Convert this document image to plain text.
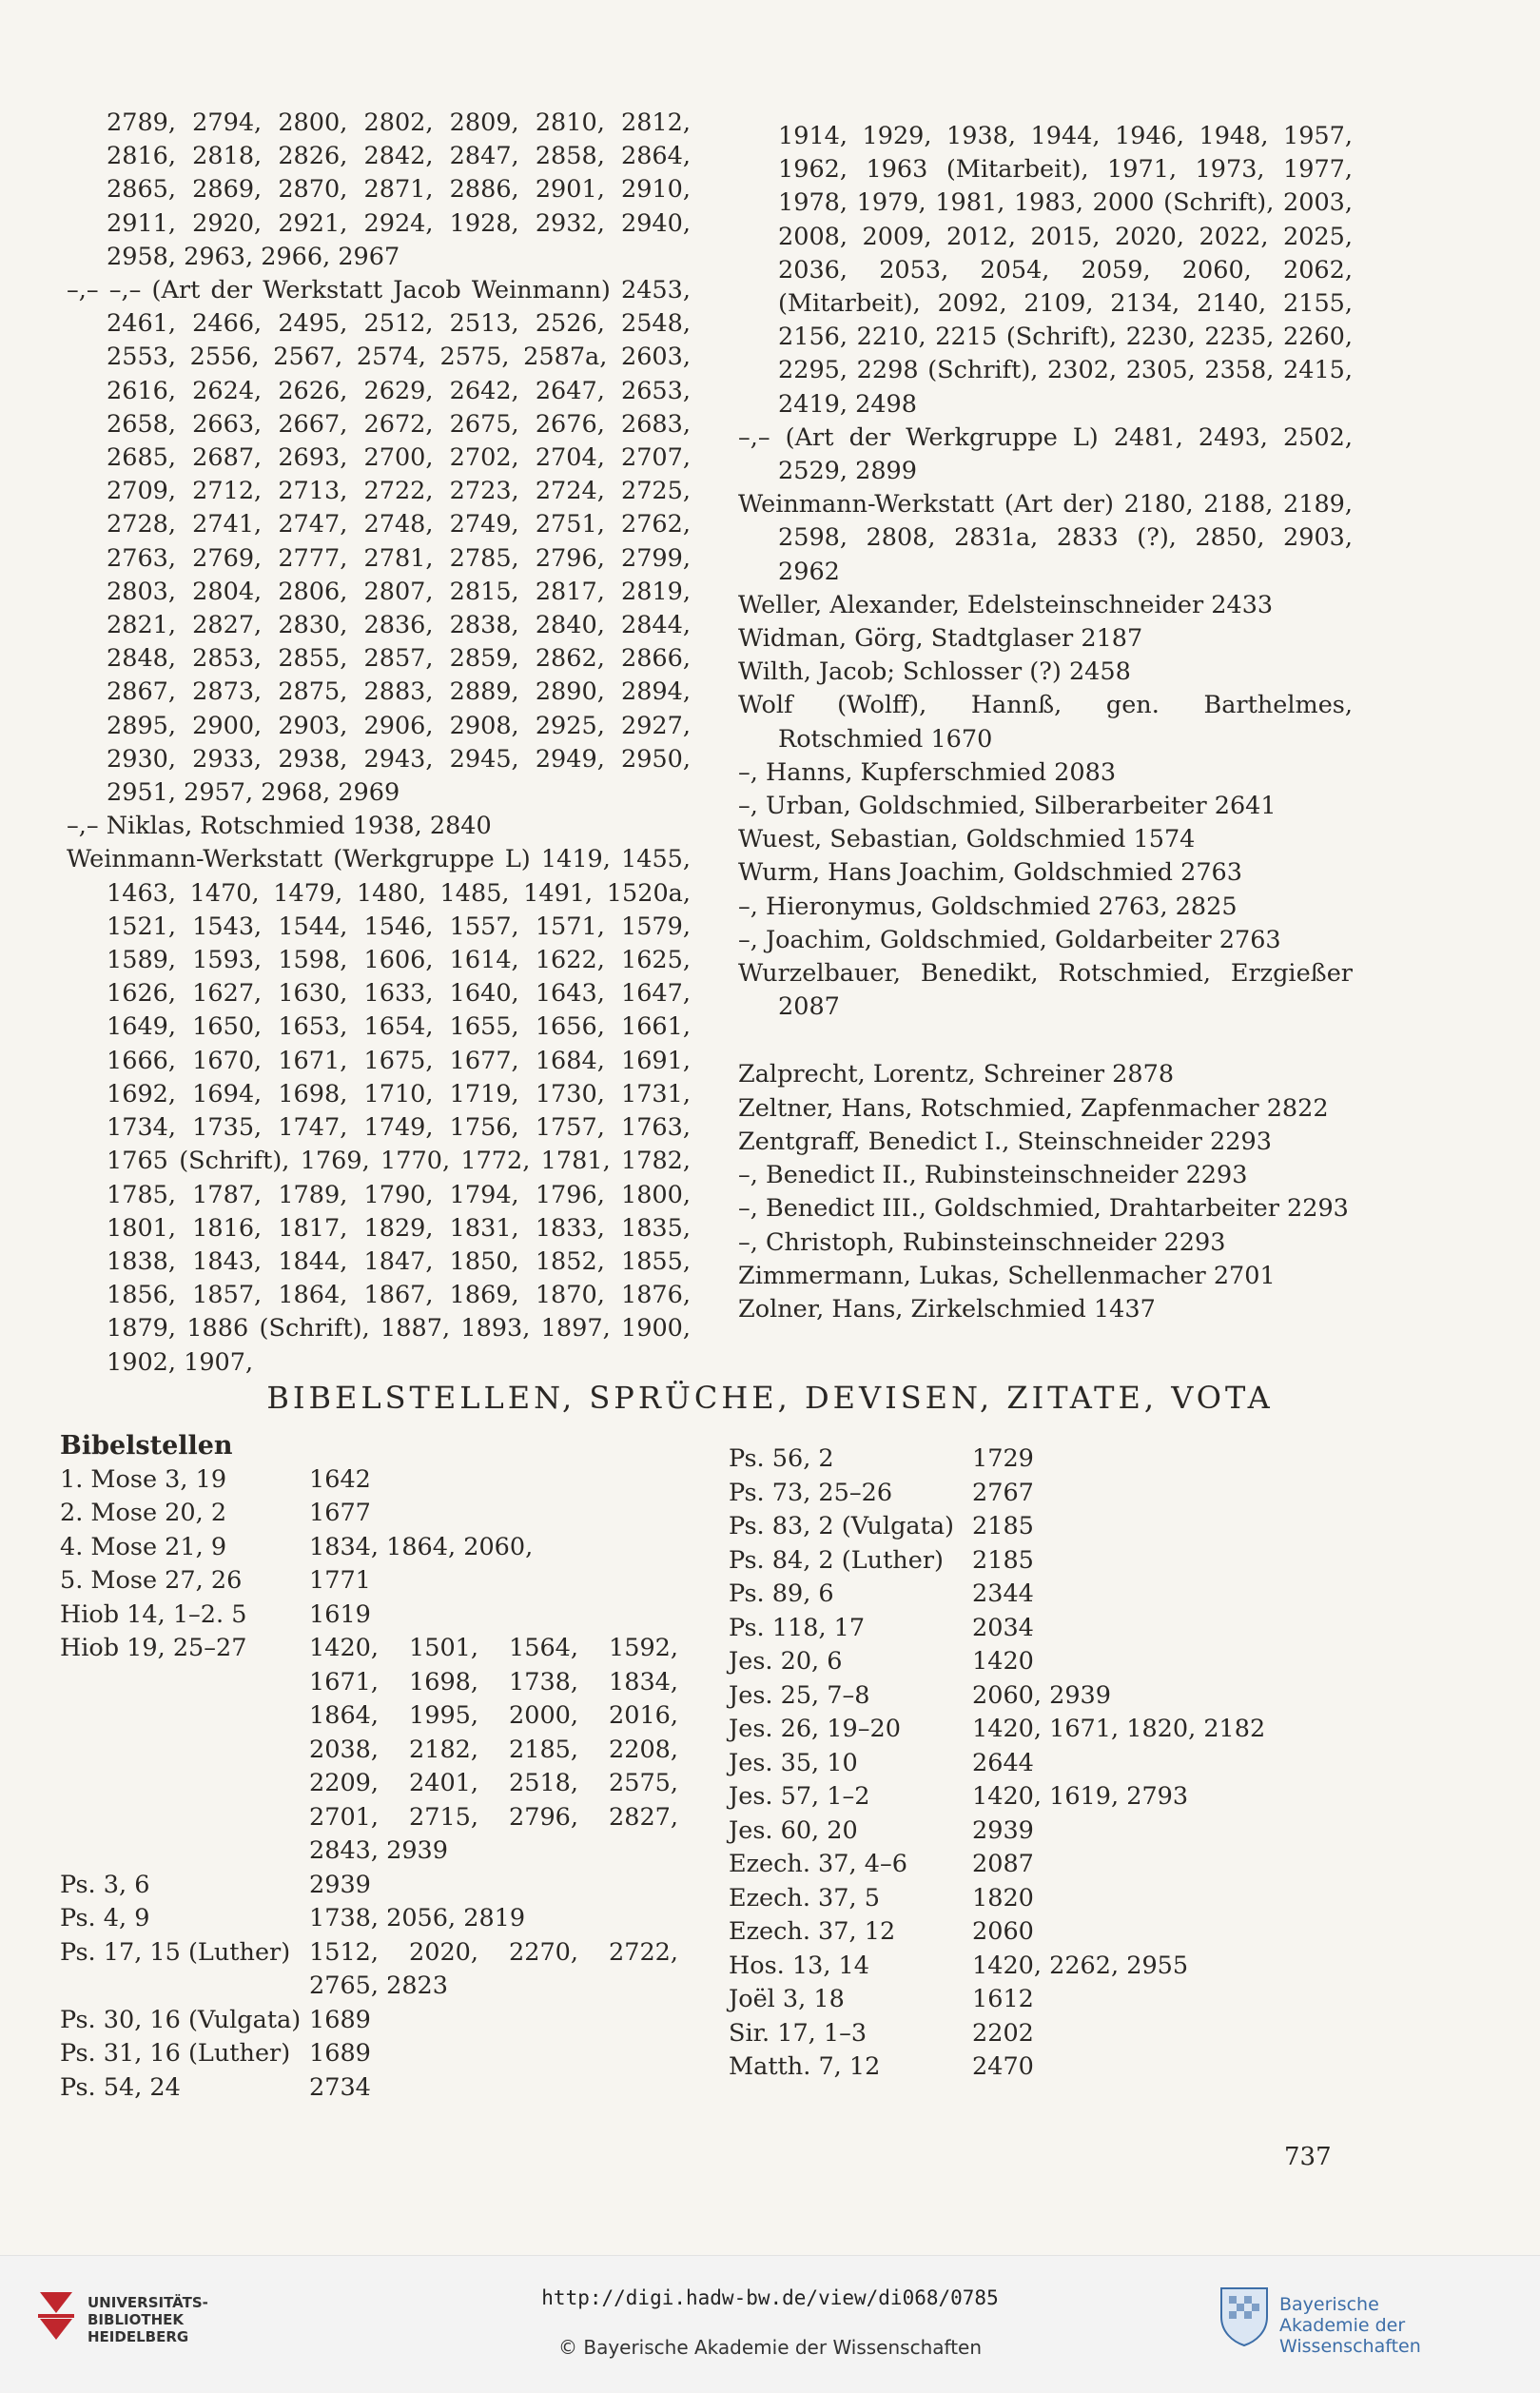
2789, 2794, 2800, 2802, 2809, 2810, 2812, 2816, 2818, 2826, 2842, 2847, 2858, 2864, 2865, 2869, 2870, 2871, 2886, 2901, 2910, 2911, 2920, 2921, 2924, 1928, 2932, 2940, 2958, 2963, 2966, 2967
–,– –,– (Art der Werkstatt Jacob Weinmann) 2453, 2461, 2466, 2495, 2512, 2513, 2526, 2548, 2553, 2556, 2567, 2574, 2575, 2587a, 2603, 2616, 2624, 2626, 2629, 2642, 2647, 2653, 2658, 2663, 2667, 2672, 2675, 2676, 2683, 2685, 2687, 2693, 2700, 2702, 2704, 2707, 2709, 2712, 2713, 2722, 2723, 2724, 2725, 2728, 2741, 2747, 2748, 2749, 2751, 2762, 2763, 2769, 2777, 2781, 2785, 2796, 2799, 2803, 2804, 2806, 2807, 2815, 2817, 2819, 2821, 2827, 2830, 2836, 2838, 2840, 2844, 2848, 2853, 2855, 2857, 2859, 2862, 2866, 2867, 2873, 2875, 2883, 2889, 2890, 2894, 2895, 2900, 2903, 2906, 2908, 2925, 2927, 2930, 2933, 2938, 2943, 2945, 2949, 2950, 2951, 2957, 2968, 2969
–,– Niklas, Rotschmied 1938, 2840
Weinmann-Werkstatt (Werkgruppe L) 1419, 1455, 1463, 1470, 1479, 1480, 1485, 1491, 1520a, 1521, 1543, 1544, 1546, 1557, 1571, 1579, 1589, 1593, 1598, 1606, 1614, 1622, 1625, 1626, 1627, 1630, 1633, 1640, 1643, 1647, 1649, 1650, 1653, 1654, 1655, 1656, 1661, 1666, 1670, 1671, 1675, 1677, 1684, 1691, 1692, 1694, 1698, 1710, 1719, 1730, 1731, 1734, 1735, 1747, 1749, 1756, 1757, 1763, 1765 (Schrift), 1769, 1770, 1772, 1781, 1782, 1785, 1787, 1789, 1790, 1794, 1796, 1800, 1801, 1816, 1817, 1829, 1831, 1833, 1835, 1838, 1843, 1844, 1847, 1850, 1852, 1855, 1856, 1857, 1864, 1867, 1869, 1870, 1876, 1879, 1886 (Schrift), 1887, 1893, 1897, 1900, 1902, 1907,
1914, 1929, 1938, 1944, 1946, 1948, 1957, 1962, 1963 (Mitarbeit), 1971, 1973, 1977, 1978, 1979, 1981, 1983, 2000 (Schrift), 2003, 2008, 2009, 2012, 2015, 2020, 2022, 2025, 2036, 2053, 2054, 2059, 2060, 2062, (Mitarbeit), 2092, 2109, 2134, 2140, 2155, 2156, 2210, 2215 (Schrift), 2230, 2235, 2260, 2295, 2298 (Schrift), 2302, 2305, 2358, 2415, 2419, 2498
–,– (Art der Werkgruppe L) 2481, 2493, 2502, 2529, 2899
Weinmann-Werkstatt (Art der) 2180, 2188, 2189, 2598, 2808, 2831a, 2833 (?), 2850, 2903, 2962
Weller, Alexander, Edelsteinschneider 2433
Widman, Görg, Stadtglaser 2187
Wilth, Jacob; Schlosser (?) 2458
Wolf (Wolff), Hannß, gen. Barthelmes, Rotschmied 1670
–, Hanns, Kupferschmied 2083
–, Urban, Goldschmied, Silberarbeiter 2641
Wuest, Sebastian, Goldschmied 1574
Wurm, Hans Joachim, Goldschmied 2763
–, Hieronymus, Goldschmied 2763, 2825
–, Joachim, Goldschmied, Goldarbeiter 2763
Wurzelbauer, Benedikt, Rotschmied, Erzgießer 2087
Zalprecht, Lorentz, Schreiner 2878
Zeltner, Hans, Rotschmied, Zapfenmacher 2822
Zentgraff, Benedict I., Steinschneider 2293
–, Benedict II., Rubinsteinschneider 2293
–, Benedict III., Goldschmied, Drahtarbeiter 2293
–, Christoph, Rubinsteinschneider 2293
Zimmermann, Lukas, Schellenmacher 2701
Zolner, Hans, Zirkelschmied 1437
BIBELSTELLEN, SPRÜCHE, DEVISEN, ZITATE, VOTA
Bibelstellen
1. Mose 3, 19	1642
2. Mose 20, 2	1677
4. Mose 21, 9	1834, 1864, 2060,
5. Mose 27, 26	1771
Hiob 14, 1–2. 5	1619
Hiob 19, 25–27	1420, 1501, 1564, 1592, 1671, 1698, 1738, 1834, 1864, 1995, 2000, 2016, 2038, 2182, 2185, 2208, 2209, 2401, 2518, 2575, 2701, 2715, 2796, 2827, 2843, 2939
Ps. 3, 6	2939
Ps. 4, 9	1738, 2056, 2819
Ps. 17, 15 (Luther) 1512, 2020, 2270, 2722, 2765, 2823
Ps. 30, 16 (Vulgata) 1689
Ps. 31, 16 (Luther) 1689
Ps. 54, 24	2734
Ps. 56, 2	1729
Ps. 73, 25–26	2767
Ps. 83, 2 (Vulgata) 2185
Ps. 84, 2 (Luther)	2185
Ps. 89, 6	2344
Ps. 118, 17	2034
Jes. 20, 6	1420
Jes. 25, 7–8	2060, 2939
Jes. 26, 19–20	1420, 1671, 1820, 2182
Jes. 35, 10	2644
Jes. 57, 1–2	1420, 1619, 2793
Jes. 60, 20	2939
Ezech. 37, 4–6	2087
Ezech. 37, 5	1820
Ezech. 37, 12	2060
Hos. 13, 14	1420, 2262, 2955
Joël 3, 18	1612
Sir. 17, 1–3	2202
Matth. 7, 12	2470
737
UNIVERSITÄTS-
BIBLIOTHEK
HEIDELBERG
http://digi.hadw-bw.de/view/di068/0785
© Bayerische Akademie der Wissenschaften
Bayerische
Akademie der Wissenschaften
